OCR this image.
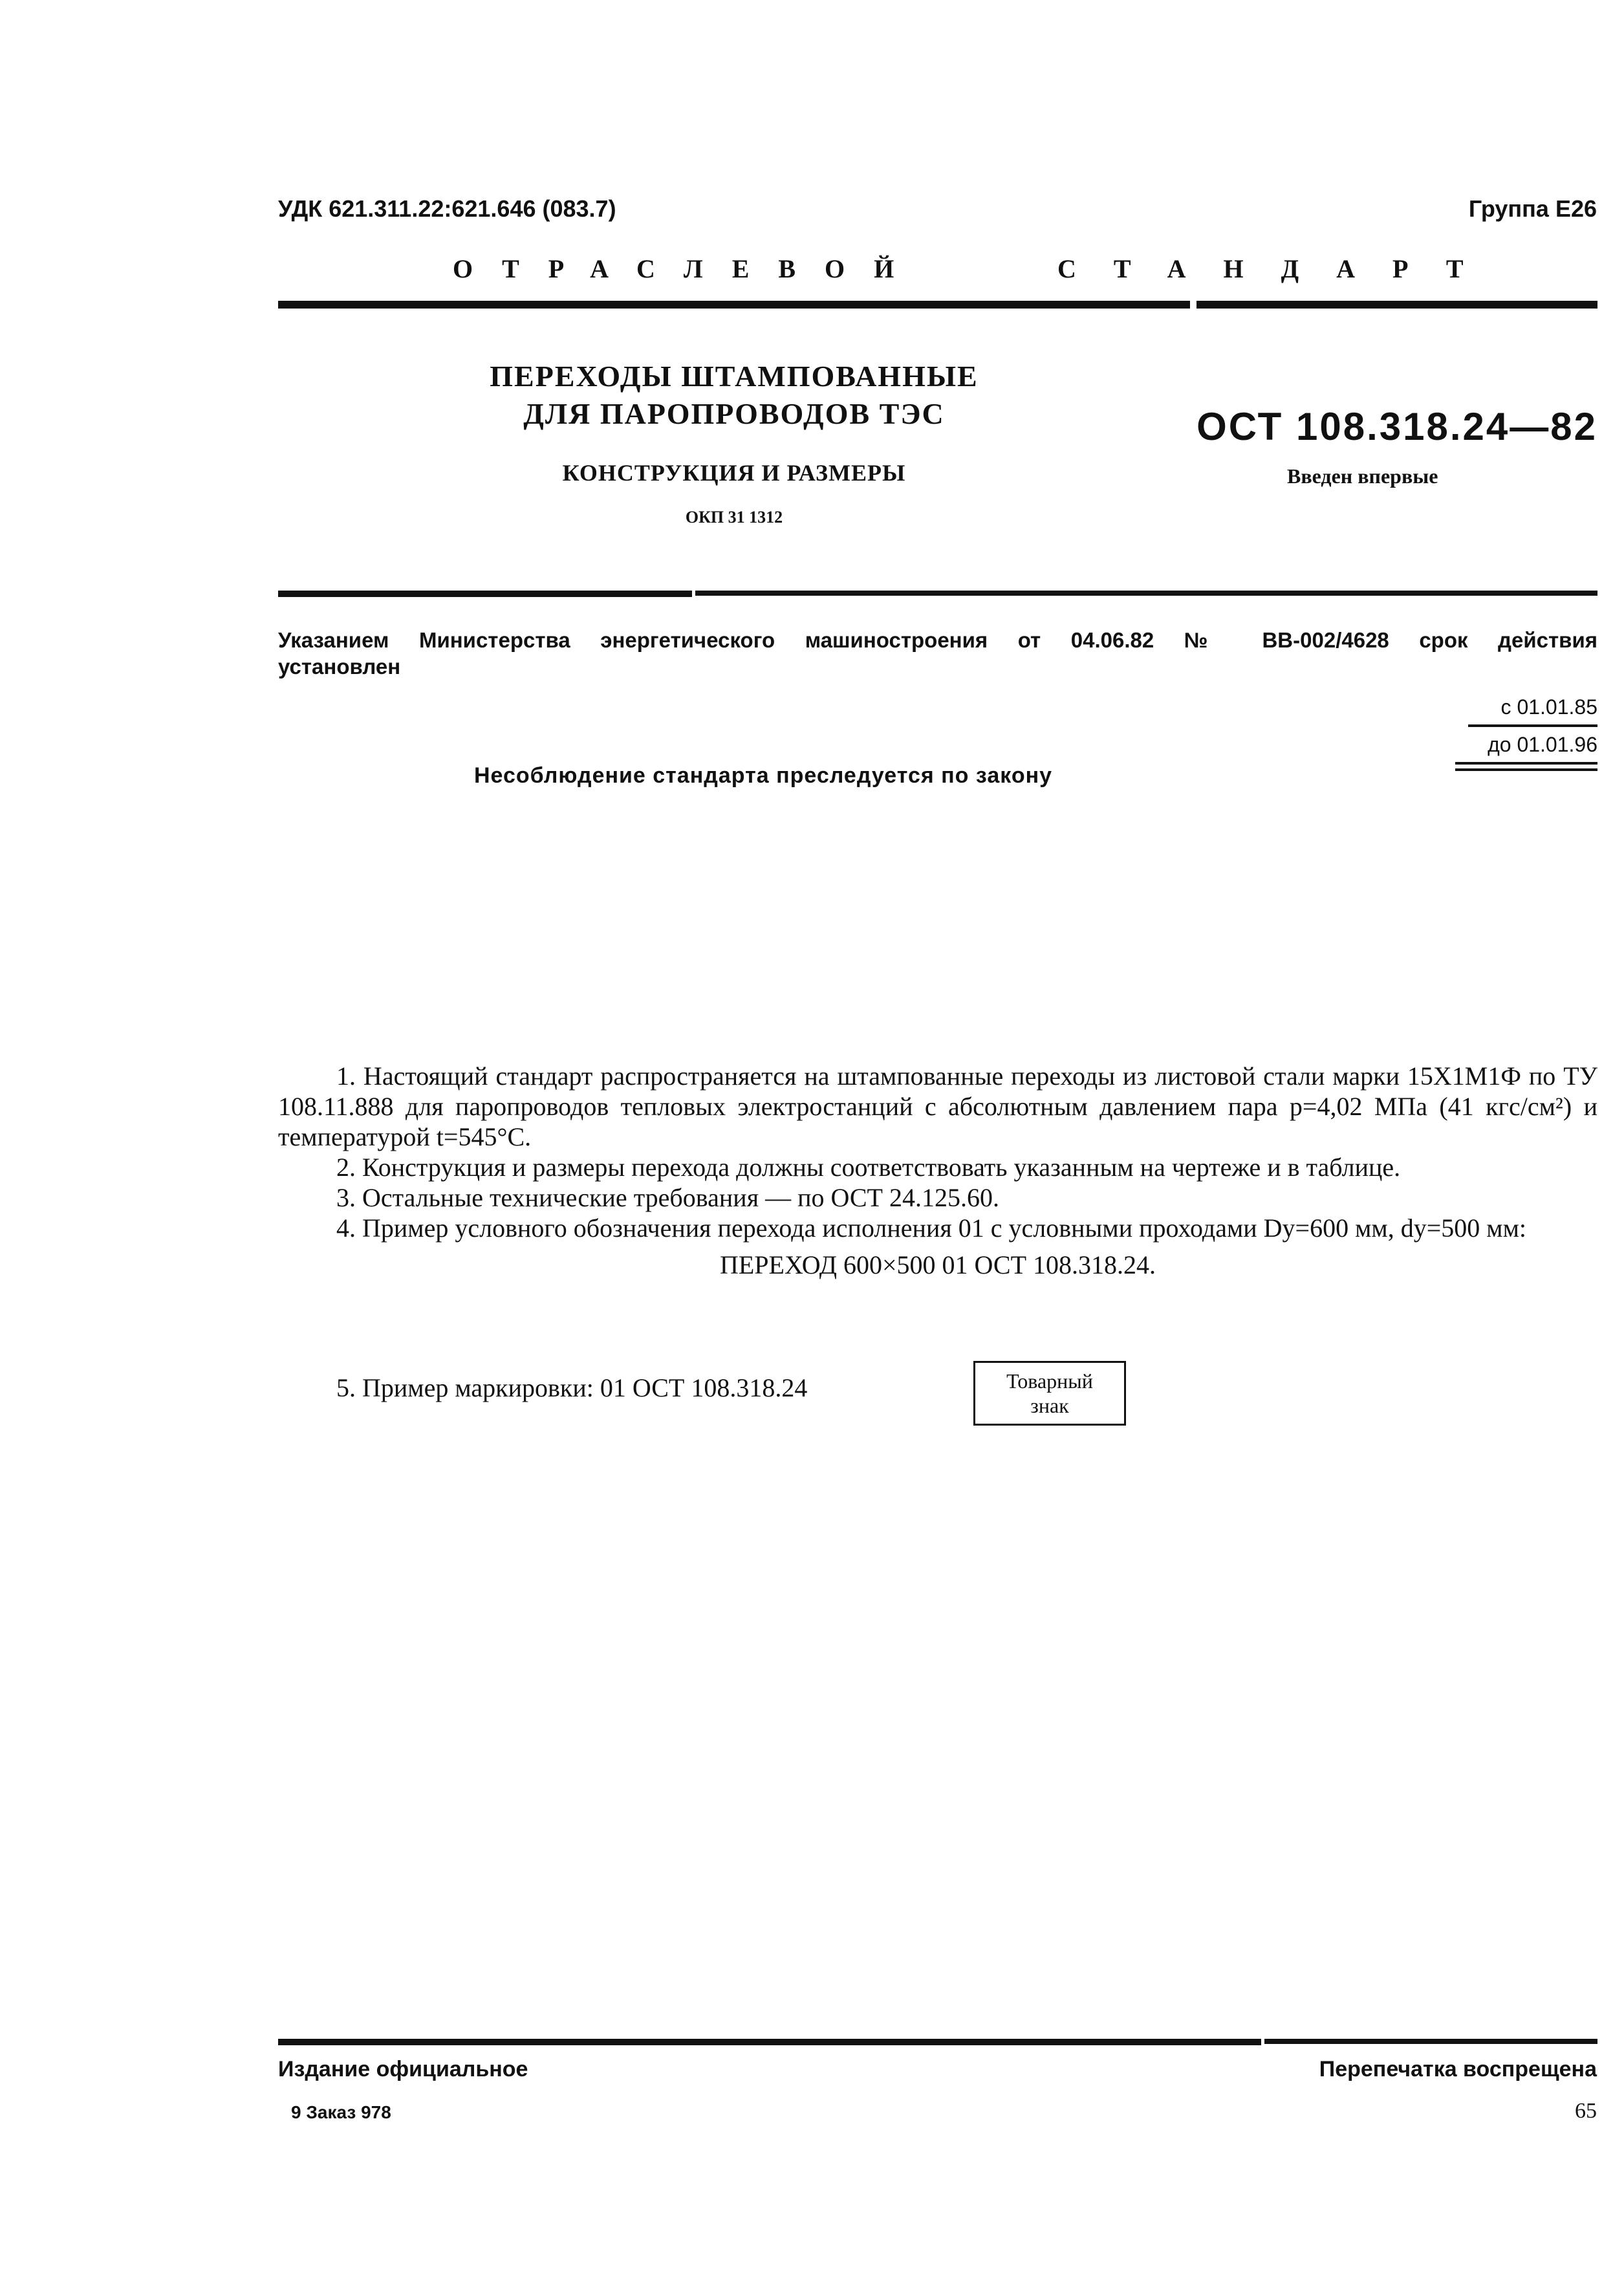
УДК 621.311.22:621.646 (083.7)	Группа Е26
ОТРАСЛЕВОЙ	СТАНДАРТ
ПЕРЕХОДЫ ШТАМПОВАННЫЕ
ДЛЯ ПАРОПРОВОДОВ ТЭС
КОНСТРУКЦИЯ И РАЗМЕРЫ
ОКП 31 1312
ОСТ 108.318.24—82
Введен впервые
Указанием Министерства энергетического машиностроения от 04.06.82 № ВВ-002/4628 срок действия
установлен
с 01.01.85
до 01.01.96
Несоблюдение стандарта преследуется по закону

1. Настоящий стандарт распространяется на штампованные переходы из листовой стали марки 15Х1М1Ф по ТУ 108.11.888 для паропроводов тепловых электростанций с абсолютным давлением пара p=4,02 МПа (41 кгс/см²) и температурой t=545°С.

2. Конструкция и размеры перехода должны соответствовать указанным на чертеже и в таблице.

3. Остальные технические требования — по ОСТ 24.125.60.

4. Пример условного обозначения перехода исполнения 01 с условными проходами Dу=600 мм, dу=500 мм:

ПЕРЕХОД 600×500 01 ОСТ 108.318.24.

5. Пример маркировки: 01 ОСТ 108.318.24	Товарный
знак
Издание официальное	Перепечатка воспрещена
9 Заказ 978	65
